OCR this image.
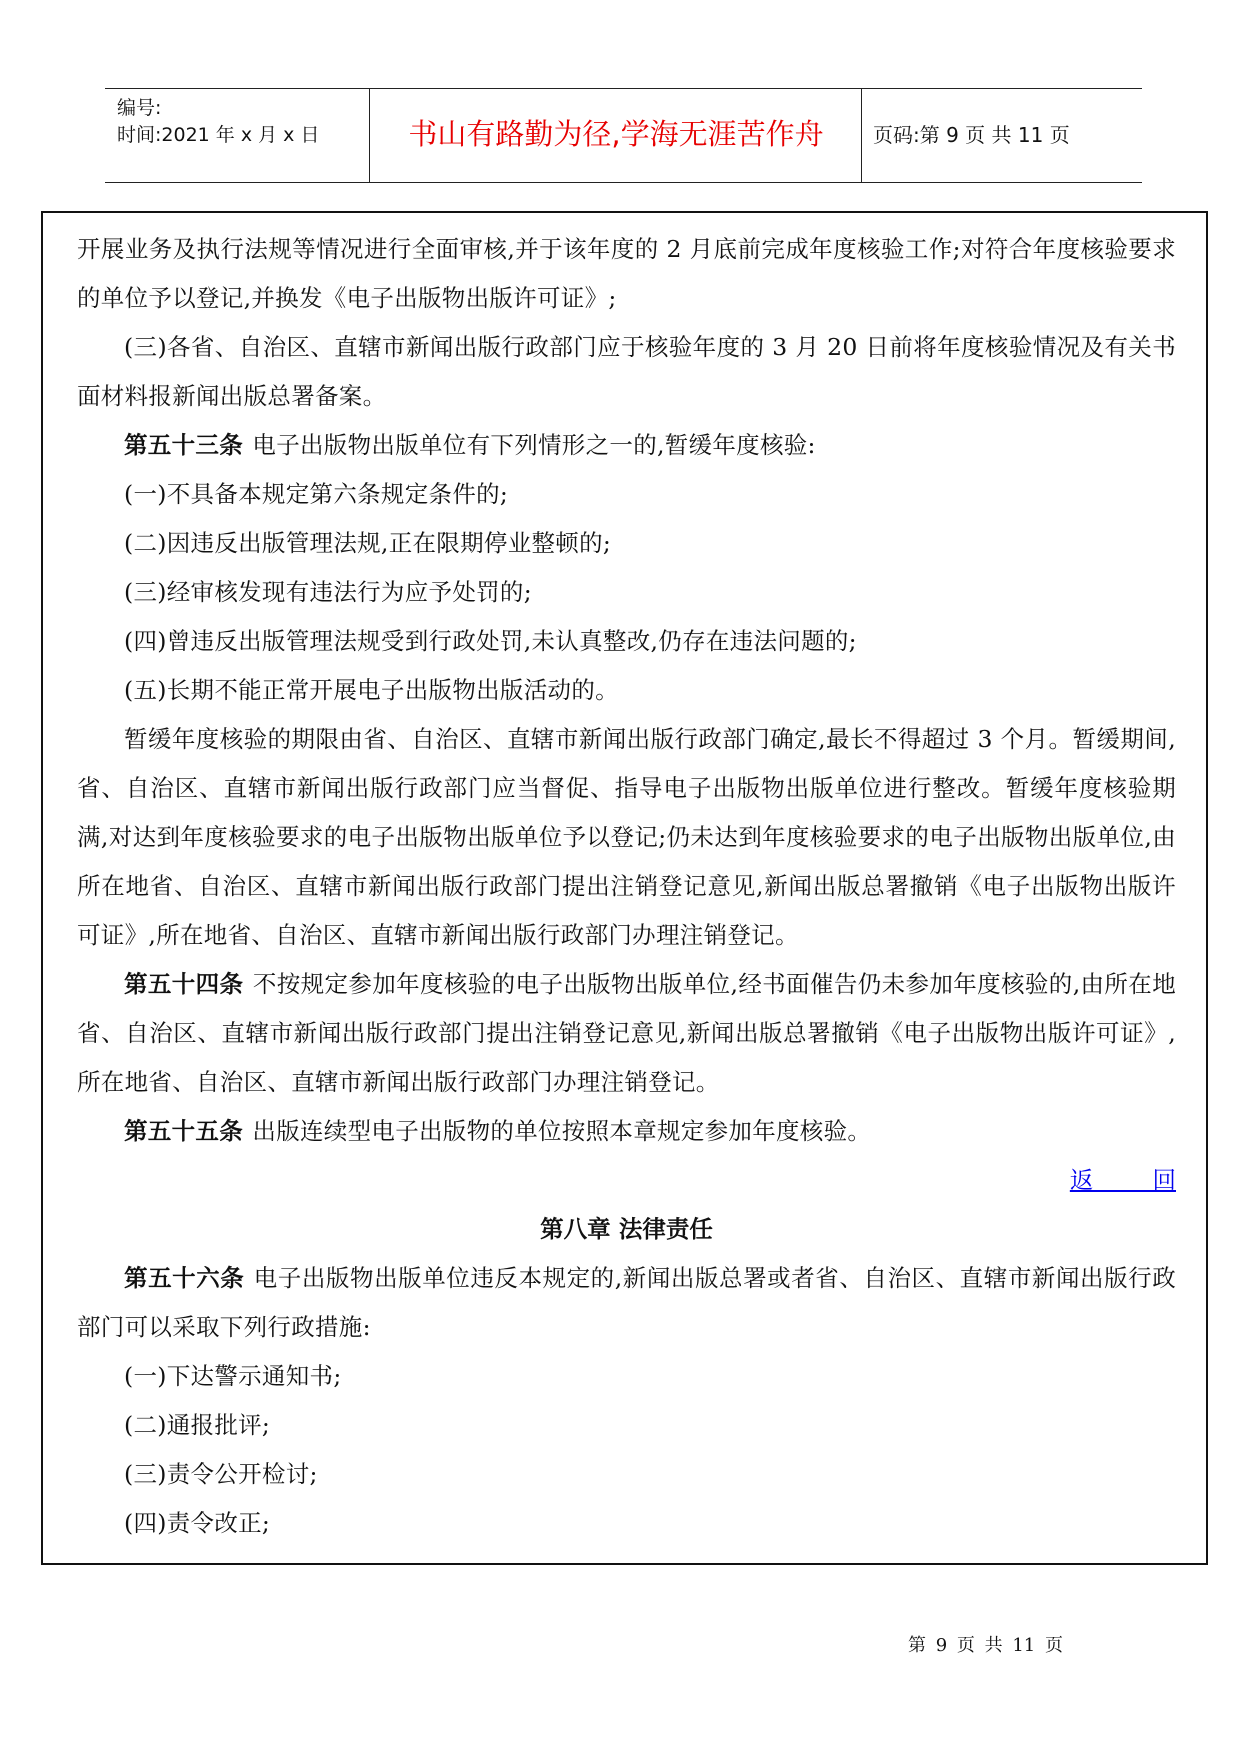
编号:
时间:2021 年 x 月 x 日	书山有路勤为径,学海无涯苦作舟	页码:第 9 页 共 11 页

开展业务及执行法规等情况进行全面审核,并于该年度的 2 月底前完成年度核验工作;对符合年度核验要求的单位予以登记,并换发《电子出版物出版许可证》;

(三)各省、自治区、直辖市新闻出版行政部门应于核验年度的 3 月 20 日前将年度核验情况及有关书面材料报新闻出版总署备案。

第五十三条 电子出版物出版单位有下列情形之一的,暂缓年度核验:

(一)不具备本规定第六条规定条件的;

(二)因违反出版管理法规,正在限期停业整顿的;

(三)经审核发现有违法行为应予处罚的;

(四)曾违反出版管理法规受到行政处罚,未认真整改,仍存在违法问题的;

(五)长期不能正常开展电子出版物出版活动的。

暂缓年度核验的期限由省、自治区、直辖市新闻出版行政部门确定,最长不得超过 3 个月。暂缓期间,省、自治区、直辖市新闻出版行政部门应当督促、指导电子出版物出版单位进行整改。暂缓年度核验期满,对达到年度核验要求的电子出版物出版单位予以登记;仍未达到年度核验要求的电子出版物出版单位,由所在地省、自治区、直辖市新闻出版行政部门提出注销登记意见,新闻出版总署撤销《电子出版物出版许可证》,所在地省、自治区、直辖市新闻出版行政部门办理注销登记。

第五十四条 不按规定参加年度核验的电子出版物出版单位,经书面催告仍未参加年度核验的,由所在地省、自治区、直辖市新闻出版行政部门提出注销登记意见,新闻出版总署撤销《电子出版物出版许可证》,所在地省、自治区、直辖市新闻出版行政部门办理注销登记。

第五十五条 出版连续型电子出版物的单位按照本章规定参加年度核验。

返 回
第八章 法律责任

第五十六条 电子出版物出版单位违反本规定的,新闻出版总署或者省、自治区、直辖市新闻出版行政部门可以采取下列行政措施:

(一)下达警示通知书;

(二)通报批评;

(三)责令公开检讨;

(四)责令改正;

第 9 页 共 11 页
